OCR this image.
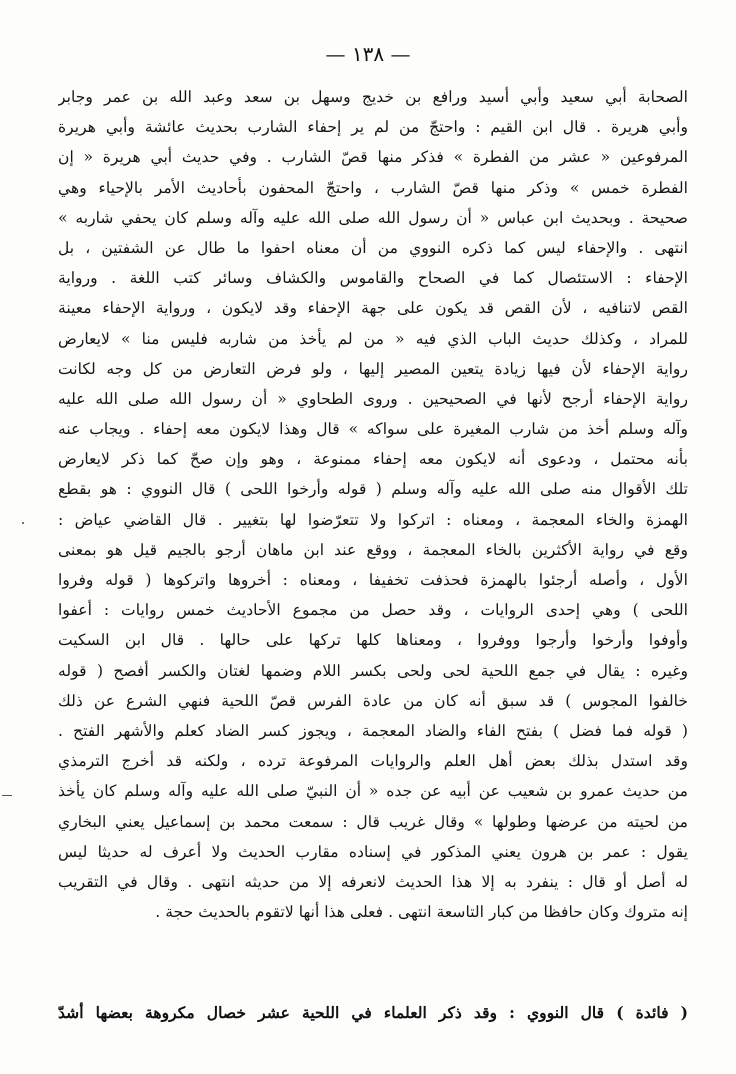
— ١٣٨ —
الصحابة أبي سعيد وأبي أسيد ورافع بن خديج وسهل بن سعد وعبد الله بن عمر وجابر
وأبي هريرة . قال ابن القيم : واحتجّ من لم ير إحفاء الشارب بحديث عائشة وأبي هريرة
المرفوعين « عشر من الفطرة » فذكر منها قصّ الشارب . وفي حديث أبي هريرة « إن
الفطرة خمس » وذكر منها قصّ الشارب ، واحتجّ المحفون بأحاديث الأمر بالإحياء وهي
صحيحة . وبحديث ابن عباس « أن رسول الله صلى الله عليه وآله وسلم كان يحفي شاربه »
انتهى . والإحفاء ليس كما ذكره النووي من أن معناه احفوا ما طال عن الشفتين ، بل
الإحفاء : الاستئصال كما في الصحاح والقاموس والكشاف وسائر كتب اللغة . ورواية
القص لاتنافيه ، لأن القص قد يكون على جهة الإحفاء وقد لايكون ، ورواية الإحفاء معينة
للمراد ، وكذلك حديث الباب الذي فيه « من لم يأخذ من شاربه فليس منا » لايعارض
رواية الإحفاء لأن فيها زيادة يتعين المصير إليها ، ولو فرض التعارض من كل وجه لكانت
رواية الإحفاء أرجح لأنها في الصحيحين . وروى الطحاوي « أن رسول الله صلى الله عليه
وآله وسلم أخذ من شارب المغيرة على سواكه » قال وهذا لايكون معه إحفاء . ويجاب عنه
بأنه محتمل ، ودعوى أنه لايكون معه إحفاء ممنوعة ، وهو وإن صحّ كما ذكر لايعارض
تلك الأقوال منه صلى الله عليه وآله وسلم ( قوله وأرخوا اللحى ) قال النووي : هو بقطع
الهمزة والخاء المعجمة ، ومعناه : اتركوا ولا تتعرّضوا لها بتغيير . قال القاضي عياض :
وقع في رواية الأكثرين بالخاء المعجمة ، ووقع عند ابن ماهان أرجو بالجيم قيل هو بمعنى
الأول ، وأصله أرجئوا بالهمزة فحذفت تخفيفا ، ومعناه : أخروها واتركوها ( قوله وفروا
اللحى ) وهي إحدى الروايات ، وقد حصل من مجموع الأحاديث خمس روايات : أعفوا
وأوفوا وأرخوا وأرجوا ووفروا ، ومعناها كلها تركها على حالها . قال ابن السكيت
وغيره : يقال في جمع اللحية لحى ولحى بكسر اللام وضمها لغتان والكسر أفصح ( قوله
خالفوا المجوس ) قد سبق أنه كان من عادة الفرس قصّ اللحية فنهي الشرع عن ذلك
( قوله فما فضل ) بفتح الفاء والضاد المعجمة ، ويجوز كسر الضاد كعلم والأشهر الفتح .
وقد استدل بذلك بعض أهل العلم والروايات المرفوعة ترده ، ولكنه قد أخرج الترمذي
من حديث عمرو بن شعيب عن أبيه عن جده « أن النبيّ صلى الله عليه وآله وسلم كان يأخذ
من لحيته من عرضها وطولها » وقال غريب قال : سمعت محمد بن إسماعيل يعني البخاري
يقول : عمر بن هرون يعني المذكور في إسناده مقارب الحديث ولا أعرف له حديثا ليس
له أصل أو قال : ينفرد به إلا هذا الحديث لانعرفه إلا من حديثه انتهى . وقال في التقريب
إنه متروك وكان حافظا من كبار التاسعة انتهى . فعلى هذا أنها لاتقوم بالحديث حجة .
( فائدة ) قال النووي : وقد ذكر العلماء في اللحية عشر خصال مكروهة بعضها أشدّ
